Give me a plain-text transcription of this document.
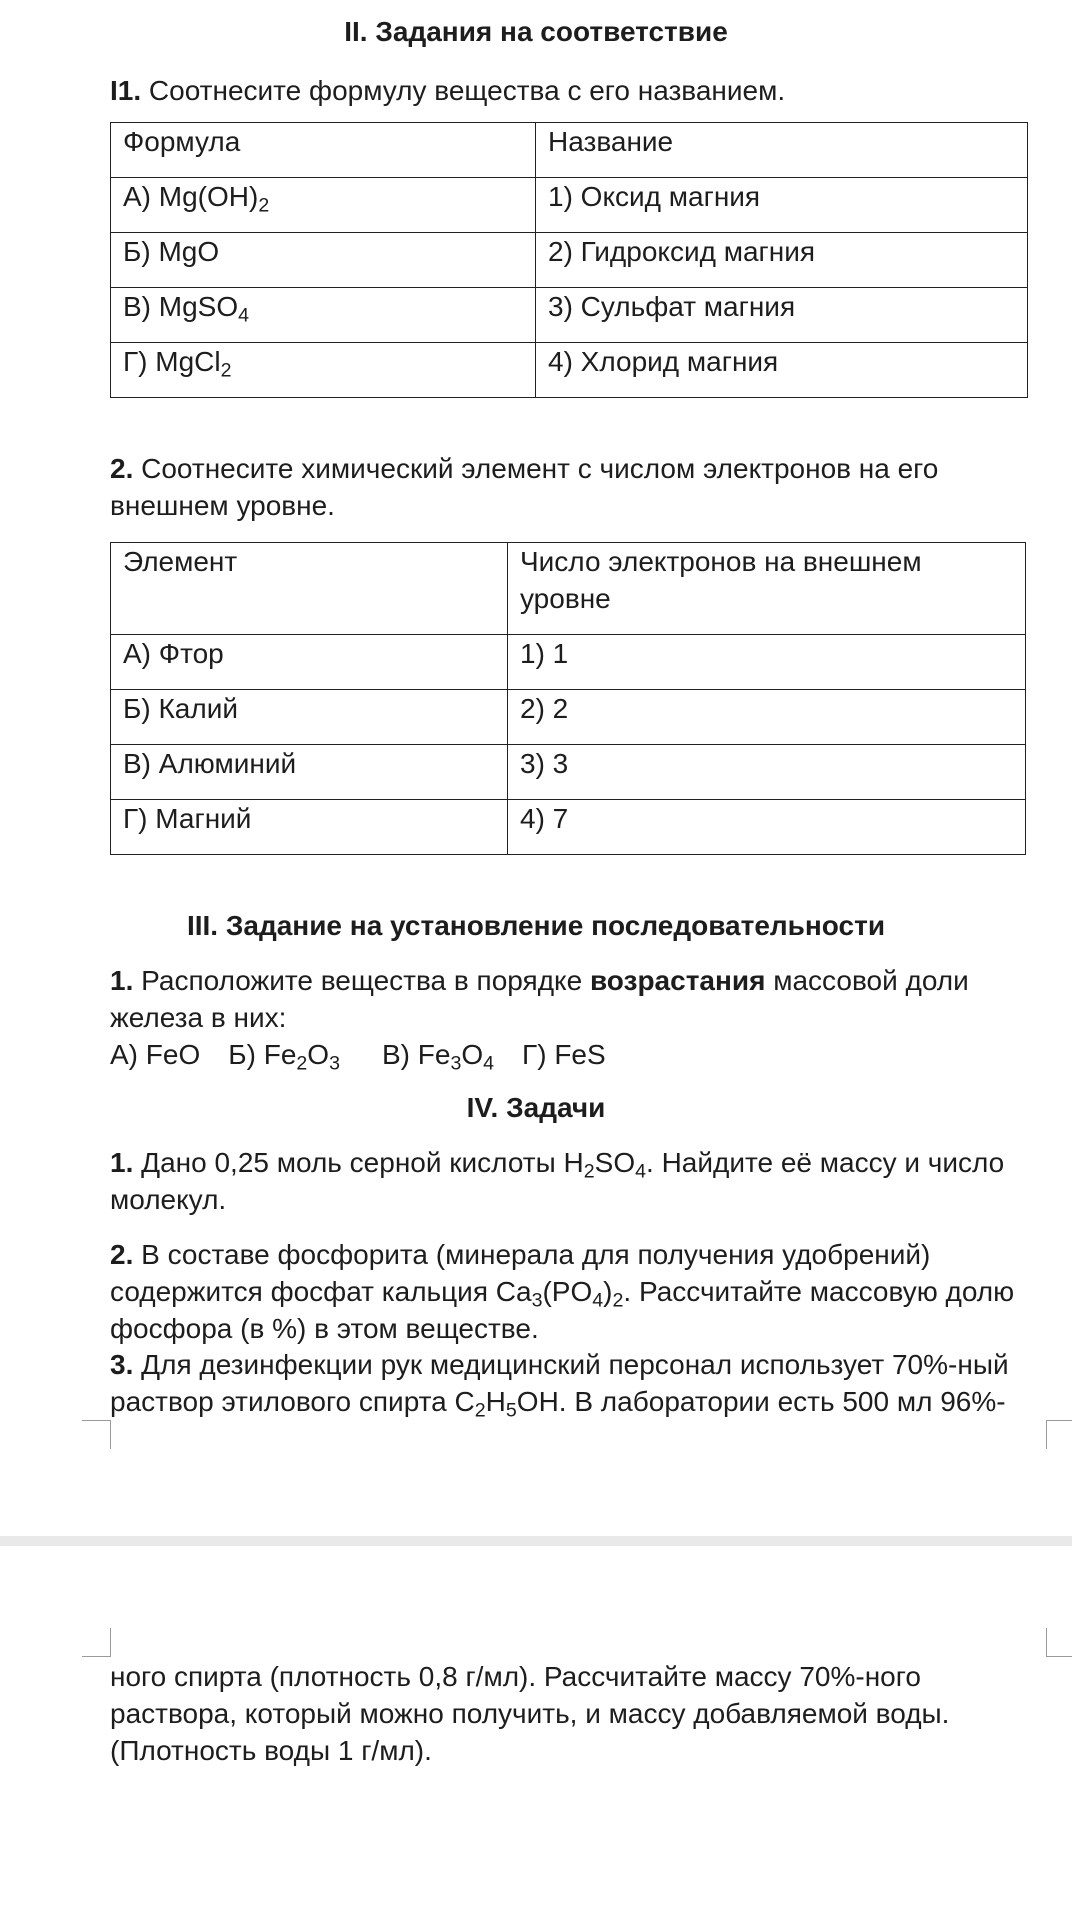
II. Задания на соответствие
I1. Соотнесите формулу вещества с его названием.
Формула	Название
А) $Mg(OH)_2$	1) Оксид магния
Б) MgO	2) Гидроксид магния
В) MgSO$_4$	3) Сульфат магния
Г) MgCl$_2$	4) Хлорид магния
2. Соотнесите химический элемент с числом электронов на его внешнем уровне.
Элемент	Число электронов на внешнем уровне
А) Фтор	1) 1
Б) Калий	2) 2
В) Алюминий	3) 3
Г) Магний	4) 7
III. Задание на установление последовательности
1. Расположите вещества в порядке возрастания массовой доли железа в них:
А) FeO Б) $Fe_2O_3$ В) $Fe_3O_4$ Г) FeS
IV. Задачи
1. Дано 0,25 моль серной кислоты $H_2SO_4$. Найдите её массу и число молекул.
2. В составе фосфорита (минерала для получения удобрений) содержится фосфат кальция $Ca_3(PO_4)_2$. Рассчитайте массовую долю фосфора (в %) в этом веществе.
3. Для дезинфекции рук медицинский персонал использует 70%-ный раствор этилового спирта $C_2H_5OH$. В лаборатории есть 500 мл 96%-
ного спирта (плотность 0,8 г/мл). Рассчитайте массу 70%-ного раствора, который можно получить, и массу добавляемой воды. (Плотность воды 1 г/мл).
